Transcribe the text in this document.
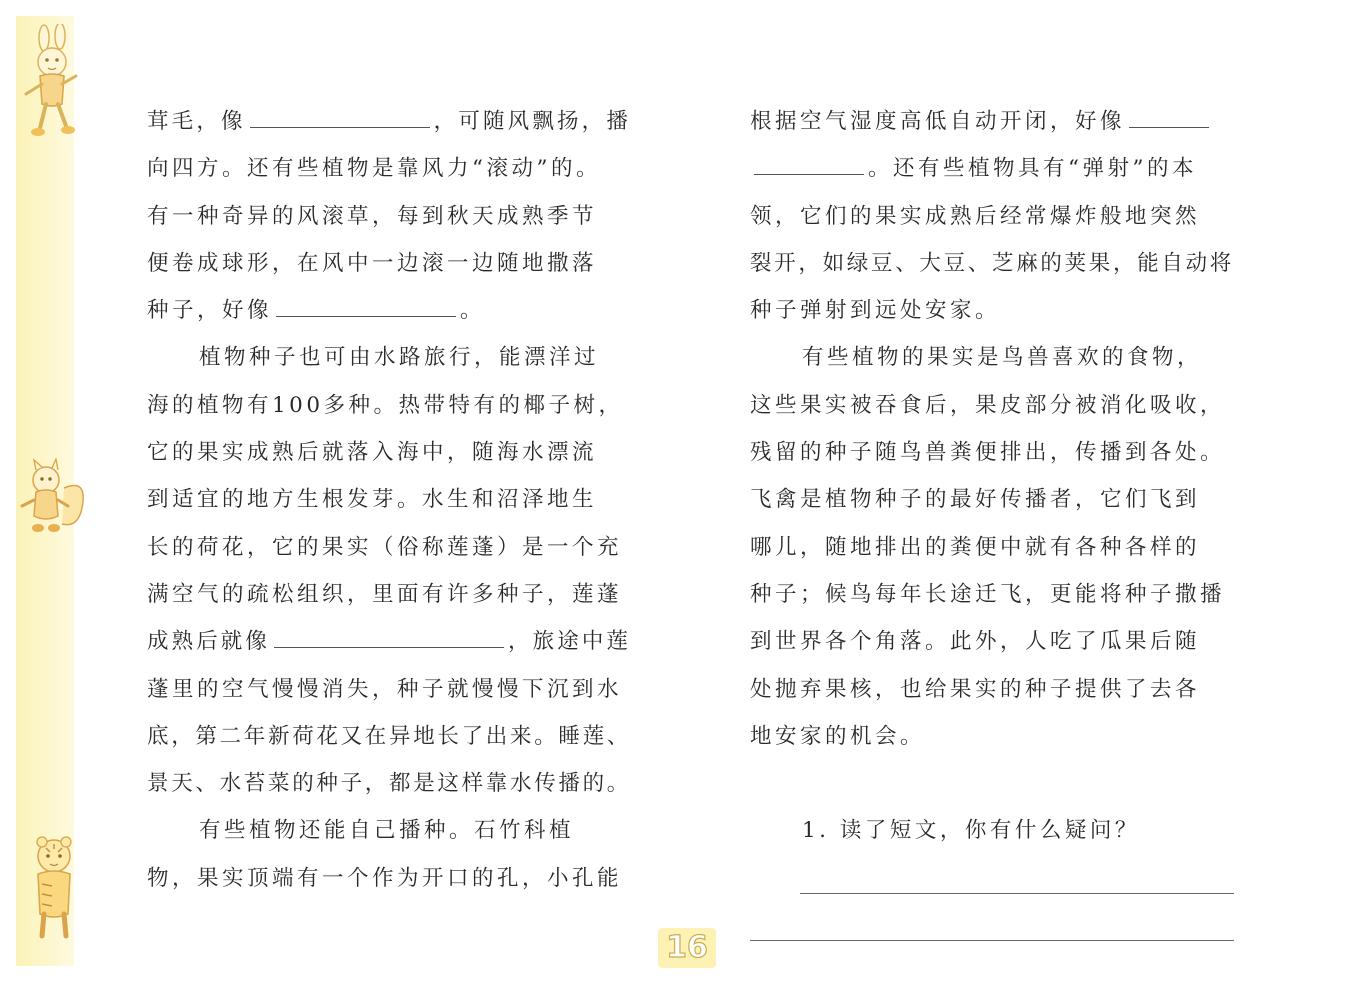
茸毛，像	，可随风飘扬，播
向四方。还有些植物是靠风力“滚动”的。
有一种奇异的风滚草，每到秋天成熟季节
便卷成球形，在风中一边滚一边随地撒落
种子，好像	。
植物种子也可由水路旅行，能漂洋过
海的植物有100多种。热带特有的椰子树，
它的果实成熟后就落入海中，随海水漂流
到适宜的地方生根发芽。水生和沼泽地生
长的荷花，它的果实（俗称莲蓬）是一个充
满空气的疏松组织，里面有许多种子，莲蓬
成熟后就像	，旅途中莲
蓬里的空气慢慢消失，种子就慢慢下沉到水
底，第二年新荷花又在异地长了出来。睡莲、
景天、水苔菜的种子，都是这样靠水传播的。
有些植物还能自己播种。石竹科植
物，果实顶端有一个作为开口的孔，小孔能
根据空气湿度高低自动开闭，好像
。还有些植物具有“弹射”的本
领，它们的果实成熟后经常爆炸般地突然
裂开，如绿豆、大豆、芝麻的荚果，能自动将
种子弹射到远处安家。
有些植物的果实是鸟兽喜欢的食物，
这些果实被吞食后，果皮部分被消化吸收，
残留的种子随鸟兽粪便排出，传播到各处。
飞禽是植物种子的最好传播者，它们飞到
哪儿，随地排出的粪便中就有各种各样的
种子；候鸟每年长途迁飞，更能将种子撒播
到世界各个角落。此外，人吃了瓜果后随
处抛弃果核，也给果实的种子提供了去各
地安家的机会。
1. 读了短文，你有什么疑问？
16
